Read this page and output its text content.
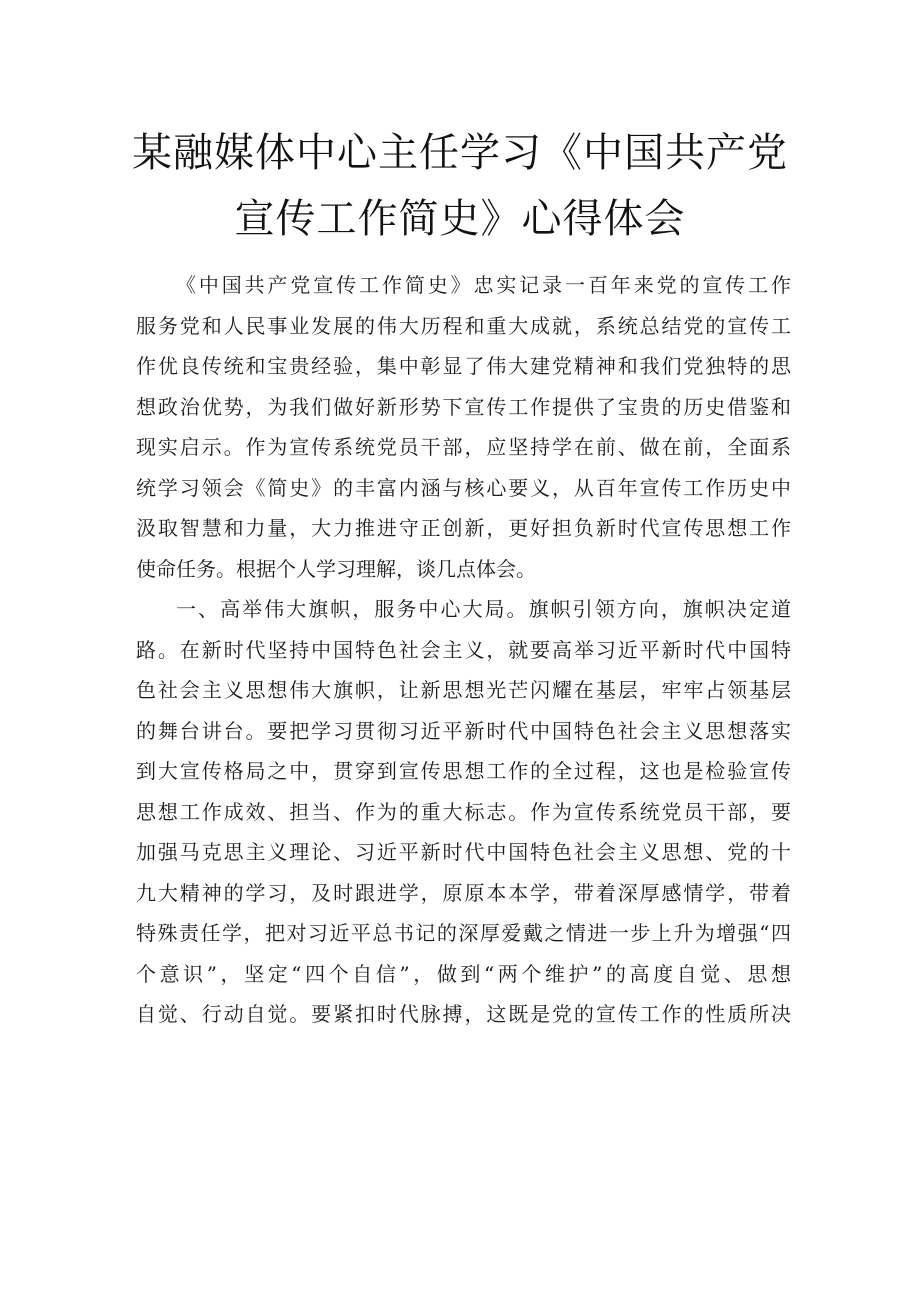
某融媒体中心主任学习《中国共产党
宣传工作简史》心得体会

《中国共产党宣传工作简史》忠实记录一百年来党的宣传工作
服务党和人民事业发展的伟大历程和重大成就，系统总结党的宣传工
作优良传统和宝贵经验，集中彰显了伟大建党精神和我们党独特的思
想政治优势，为我们做好新形势下宣传工作提供了宝贵的历史借鉴和
现实启示。作为宣传系统党员干部，应坚持学在前、做在前，全面系
统学习领会《简史》的丰富内涵与核心要义，从百年宣传工作历史中
汲取智慧和力量，大力推进守正创新，更好担负新时代宣传思想工作
使命任务。根据个人学习理解，谈几点体会。

一、高举伟大旗帜，服务中心大局。旗帜引领方向，旗帜决定道
路。在新时代坚持中国特色社会主义，就要高举习近平新时代中国特
色社会主义思想伟大旗帜，让新思想光芒闪耀在基层，牢牢占领基层
的舞台讲台。要把学习贯彻习近平新时代中国特色社会主义思想落实
到大宣传格局之中，贯穿到宣传思想工作的全过程，这也是检验宣传
思想工作成效、担当、作为的重大标志。作为宣传系统党员干部，要
加强马克思主义理论、习近平新时代中国特色社会主义思想、党的十
九大精神的学习，及时跟进学，原原本本学，带着深厚感情学，带着
特殊责任学，把对习近平总书记的深厚爱戴之情进一步上升为增强“四
个意识”，坚定“四个自信”，做到“两个维护”的高度自觉、思想
自觉、行动自觉。要紧扣时代脉搏，这既是党的宣传工作的性质所决
